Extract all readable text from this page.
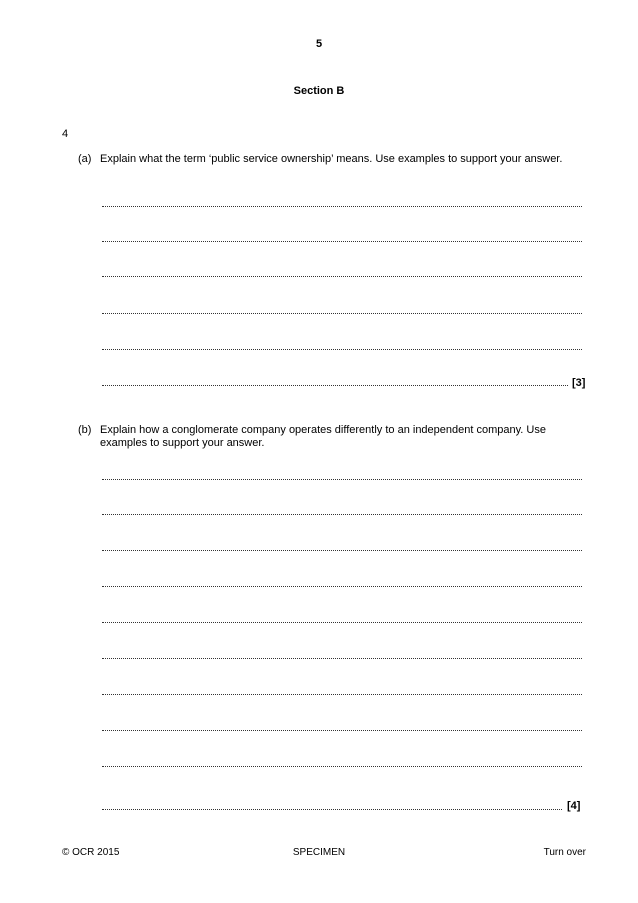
5
Section B
4
(a) Explain what the term ‘public service ownership’ means. Use examples to support your answer.
[3]
(b) Explain how a conglomerate company operates differently to an independent company. Use examples to support your answer.
[4]
© OCR 2015	SPECIMEN	Turn over
